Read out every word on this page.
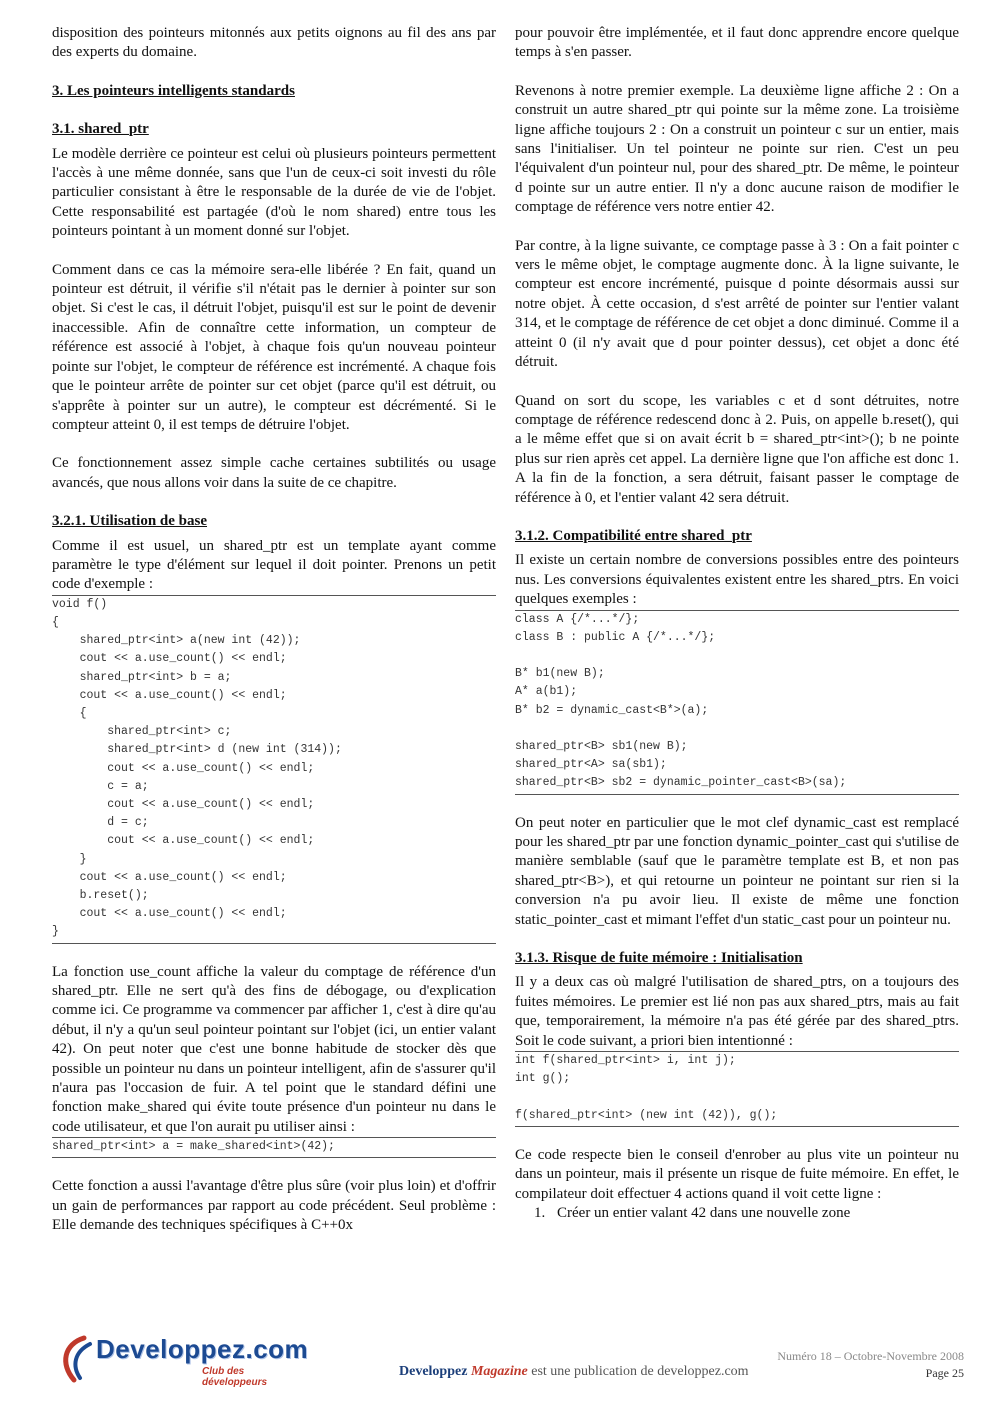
disposition des pointeurs mitonnés aux petits oignons au fil des ans par des experts du domaine.

3. Les pointeurs intelligents standards
3.1. shared_ptr

Le modèle derrière ce pointeur est celui où plusieurs pointeurs permettent l'accès à une même donnée, sans que l'un de ceux-ci soit investi du rôle particulier consistant à être le responsable de la durée de vie de l'objet. Cette responsabilité est partagée (d'où le nom shared) entre tous les pointeurs pointant à un moment donné sur l'objet.

Comment dans ce cas la mémoire sera-elle libérée ? En fait, quand un pointeur est détruit, il vérifie s'il n'était pas le dernier à pointer sur son objet. Si c'est le cas, il détruit l'objet, puisqu'il est sur le point de devenir inaccessible. Afin de connaître cette information, un compteur de référence est associé à l'objet, à chaque fois qu'un nouveau pointeur pointe sur l'objet, le compteur de référence est incrémenté. A chaque fois que le pointeur arrête de pointer sur cet objet (parce qu'il est détruit, ou s'apprête à pointer sur un autre), le compteur est décrémenté. Si le compteur atteint 0, il est temps de détruire l'objet.

Ce fonctionnement assez simple cache certaines subtilités ou usage avancés, que nous allons voir dans la suite de ce chapitre.

3.2.1. Utilisation de base

Comme il est usuel, un shared_ptr est un template ayant comme paramètre le type d'élément sur lequel il doit pointer. Prenons un petit code d'exemple :

void f()
{
shared_ptr<int> a(new int (42));
cout << a.use_count() << endl;
shared_ptr<int> b = a;
cout << a.use_count() << endl;
{
shared_ptr<int> c;
shared_ptr<int> d (new int (314));
cout << a.use_count() << endl;
c = a;
cout << a.use_count() << endl;
d = c;
cout << a.use_count() << endl;
}
cout << a.use_count() << endl;
b.reset();
cout << a.use_count() << endl;
}

La fonction use_count affiche la valeur du comptage de référence d'un shared_ptr. Elle ne sert qu'à des fins de débogage, ou d'explication comme ici. Ce programme va commencer par afficher 1, c'est à dire qu'au début, il n'y a qu'un seul pointeur pointant sur l'objet (ici, un entier valant 42). On peut noter que c'est une bonne habitude de stocker dès que possible un pointeur nu dans un pointeur intelligent, afin de s'assurer qu'il n'aura pas l'occasion de fuir. A tel point que le standard défini une fonction make_shared qui évite toute présence d'un pointeur nu dans le code utilisateur, et que l'on aurait pu utiliser ainsi :

shared_ptr<int> a = make_shared<int>(42);

Cette fonction a aussi l'avantage d'être plus sûre (voir plus loin) et d'offrir un gain de performances par rapport au code précédent. Seul problème : Elle demande des techniques spécifiques à C++0x

pour pouvoir être implémentée, et il faut donc apprendre encore quelque temps à s'en passer.

Revenons à notre premier exemple. La deuxième ligne affiche 2 : On a construit un autre shared_ptr qui pointe sur la même zone. La troisième ligne affiche toujours 2 : On a construit un pointeur c sur un entier, mais sans l'initialiser. Un tel pointeur ne pointe sur rien. C'est un peu l'équivalent d'un pointeur nul, pour des shared_ptr. De même, le pointeur d pointe sur un autre entier. Il n'y a donc aucune raison de modifier le comptage de référence vers notre entier 42.

Par contre, à la ligne suivante, ce comptage passe à 3 : On a fait pointer c vers le même objet, le comptage augmente donc. À la ligne suivante, le compteur est encore incrémenté, puisque d pointe désormais aussi sur notre objet. À cette occasion, d s'est arrêté de pointer sur l'entier valant 314, et le comptage de référence de cet objet a donc diminué. Comme il a atteint 0 (il n'y avait que d pour pointer dessus), cet objet a donc été détruit.

Quand on sort du scope, les variables c et d sont détruites, notre comptage de référence redescend donc à 2. Puis, on appelle b.reset(), qui a le même effet que si on avait écrit b = shared_ptr<int>(); b ne pointe plus sur rien après cet appel. La dernière ligne que l'on affiche est donc 1. A la fin de la fonction, a sera détruit, faisant passer le comptage de référence à 0, et l'entier valant 42 sera détruit.

3.1.2. Compatibilité entre shared_ptr

Il existe un certain nombre de conversions possibles entre des pointeurs nus. Les conversions équivalentes existent entre les shared_ptrs. En voici quelques exemples :

class A {/*...*/};
class B : public A {/*...*/};

B* b1(new B);
A* a(b1);
B* b2 = dynamic_cast<B*>(a);

shared_ptr<B> sb1(new B);
shared_ptr<A> sa(sb1);
shared_ptr<B> sb2 = dynamic_pointer_cast<B>(sa);

On peut noter en particulier que le mot clef dynamic_cast est remplacé pour les shared_ptr par une fonction dynamic_pointer_cast qui s'utilise de manière semblable (sauf que le paramètre template est B, et non pas shared_ptr<B>), et qui retourne un pointeur ne pointant sur rien si la conversion n'a pu avoir lieu. Il existe de même une fonction static_pointer_cast et mimant l'effet d'un static_cast pour un pointeur nu.

3.1.3. Risque de fuite mémoire : Initialisation

Il y a deux cas où malgré l'utilisation de shared_ptrs, on a toujours des fuites mémoires. Le premier est lié non pas aux shared_ptrs, mais au fait que, temporairement, la mémoire n'a pas été gérée par des shared_ptrs. Soit le code suivant, a priori bien intentionné :

int f(shared_ptr<int> i, int j);
int g();

f(shared_ptr<int> (new int (42)), g();

Ce code respecte bien le conseil d'enrober au plus vite un pointeur nu dans un pointeur, mais il présente un risque de fuite mémoire. En effet, le compilateur doit effectuer 4 actions quand il voit cette ligne :

1. Créer un entier valant 42 dans une nouvelle zone
Developpez.com
Club des développeurs
Numéro 18 – Octobre-Novembre 2008
Developpez Magazine est une publication de developpez.com	Page 25
